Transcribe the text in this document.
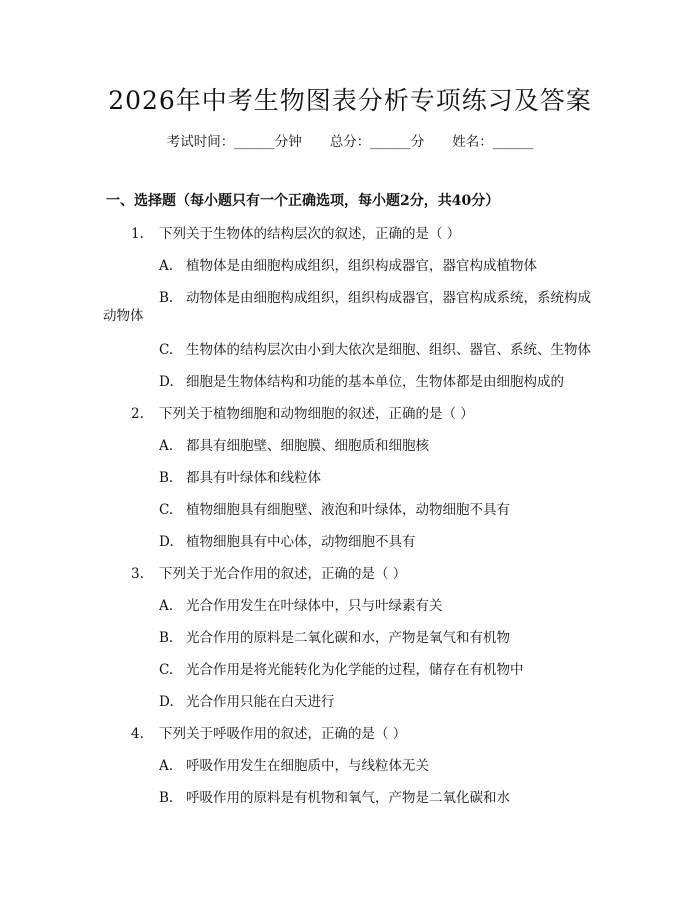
2026年中考生物图表分析专项练习及答案
考试时间：______分钟 总分：______分 姓名：______
一、选择题（每小题只有一个正确选项，每小题2分，共40分）
1. 下列关于生物体的结构层次的叙述，正确的是（ ）
A. 植物体是由细胞构成组织，组织构成器官，器官构成植物体
B. 动物体是由细胞构成组织，组织构成器官，器官构成系统，系统构成
动物体
C. 生物体的结构层次由小到大依次是细胞、组织、器官、系统、生物体
D. 细胞是生物体结构和功能的基本单位，生物体都是由细胞构成的
2. 下列关于植物细胞和动物细胞的叙述，正确的是（ ）
A. 都具有细胞壁、细胞膜、细胞质和细胞核
B. 都具有叶绿体和线粒体
C. 植物细胞具有细胞壁、液泡和叶绿体，动物细胞不具有
D. 植物细胞具有中心体，动物细胞不具有
3. 下列关于光合作用的叙述，正确的是（ ）
A. 光合作用发生在叶绿体中，只与叶绿素有关
B. 光合作用的原料是二氧化碳和水，产物是氧气和有机物
C. 光合作用是将光能转化为化学能的过程，储存在有机物中
D. 光合作用只能在白天进行
4. 下列关于呼吸作用的叙述，正确的是（ ）
A. 呼吸作用发生在细胞质中，与线粒体无关
B. 呼吸作用的原料是有机物和氧气，产物是二氧化碳和水
